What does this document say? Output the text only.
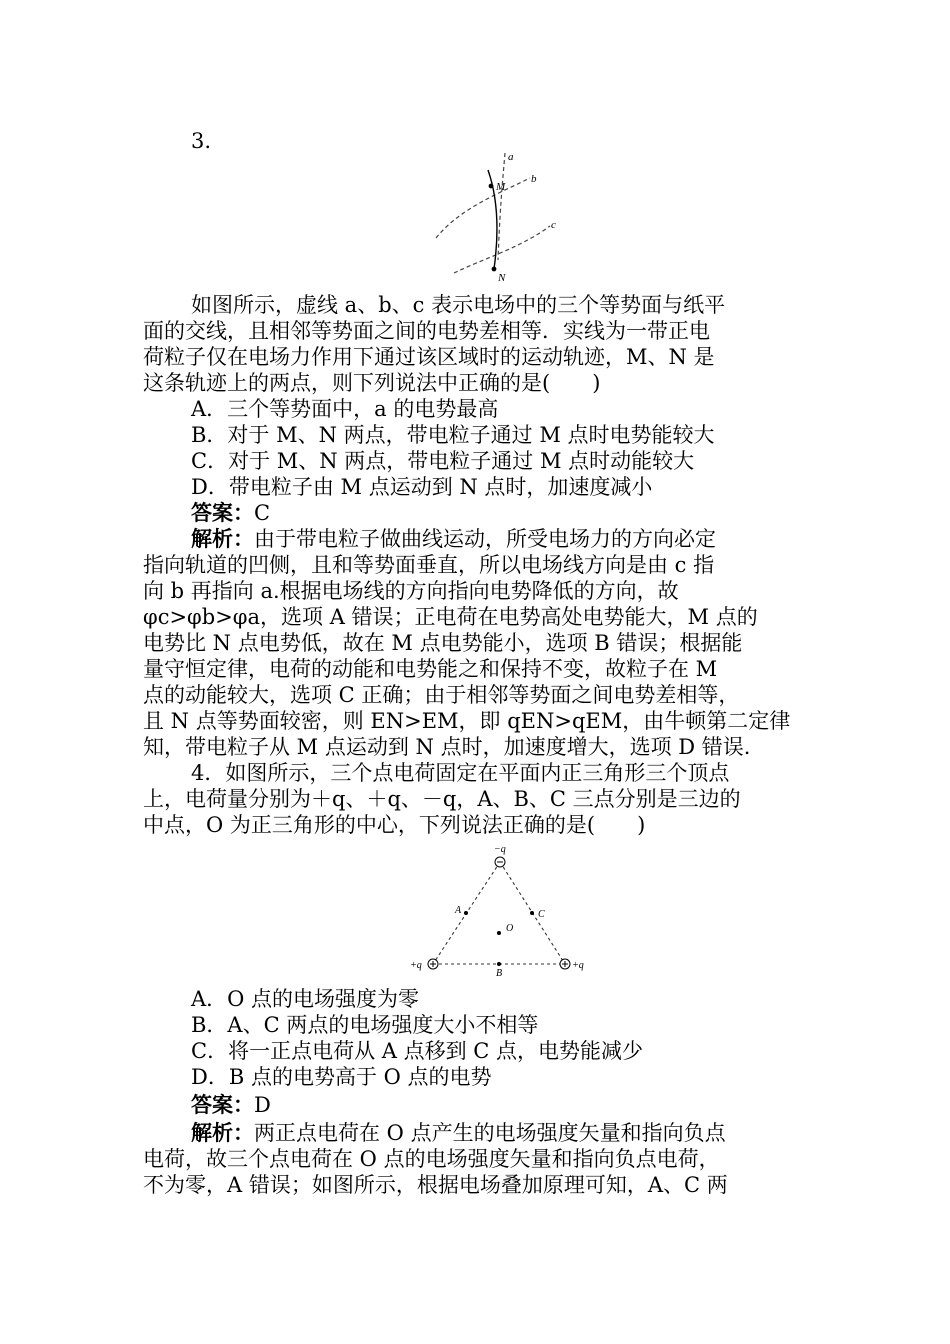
3.
a
b
c
M
N
如图所示，虚线 a、b、c 表示电场中的三个等势面与纸平
面的交线，且相邻等势面之间的电势差相等．实线为一带正电
荷粒子仅在电场力作用下通过该区域时的运动轨迹，M、N 是
这条轨迹上的两点，则下列说法中正确的是(　　)
A．三个等势面中，a 的电势最高
B．对于 M、N 两点，带电粒子通过 M 点时电势能较大
C．对于 M、N 两点，带电粒子通过 M 点时动能较大
D．带电粒子由 M 点运动到 N 点时，加速度减小
答案：C
解析：由于带电粒子做曲线运动，所受电场力的方向必定
指向轨道的凹侧，且和等势面垂直，所以电场线方向是由 c 指
向 b 再指向 a.根据电场线的方向指向电势降低的方向，故
φc>φb>φa，选项 A 错误；正电荷在电势高处电势能大，M 点的
电势比 N 点电势低，故在 M 点电势能小，选项 B 错误；根据能
量守恒定律，电荷的动能和电势能之和保持不变，故粒子在 M
点的动能较大，选项 C 正确；由于相邻等势面之间电势差相等，
且 N 点等势面较密，则 EN>EM，即 qEN>qEM，由牛顿第二定律
知，带电粒子从 M 点运动到 N 点时，加速度增大，选项 D 错误.
4．如图所示，三个点电荷固定在平面内正三角形三个顶点
上，电荷量分别为＋q、＋q、－q，A、B、C 三点分别是三边的
中点，O 为正三角形的中心，下列说法正确的是(　　)
−q
+q	+q
A	C
B
O
A．O 点的电场强度为零
B．A、C 两点的电场强度大小不相等
C．将一正点电荷从 A 点移到 C 点，电势能减少
D．B 点的电势高于 O 点的电势
答案：D
解析：两正点电荷在 O 点产生的电场强度矢量和指向负点
电荷，故三个点电荷在 O 点的电场强度矢量和指向负点电荷，
不为零，A 错误；如图所示，根据电场叠加原理可知，A、C 两
